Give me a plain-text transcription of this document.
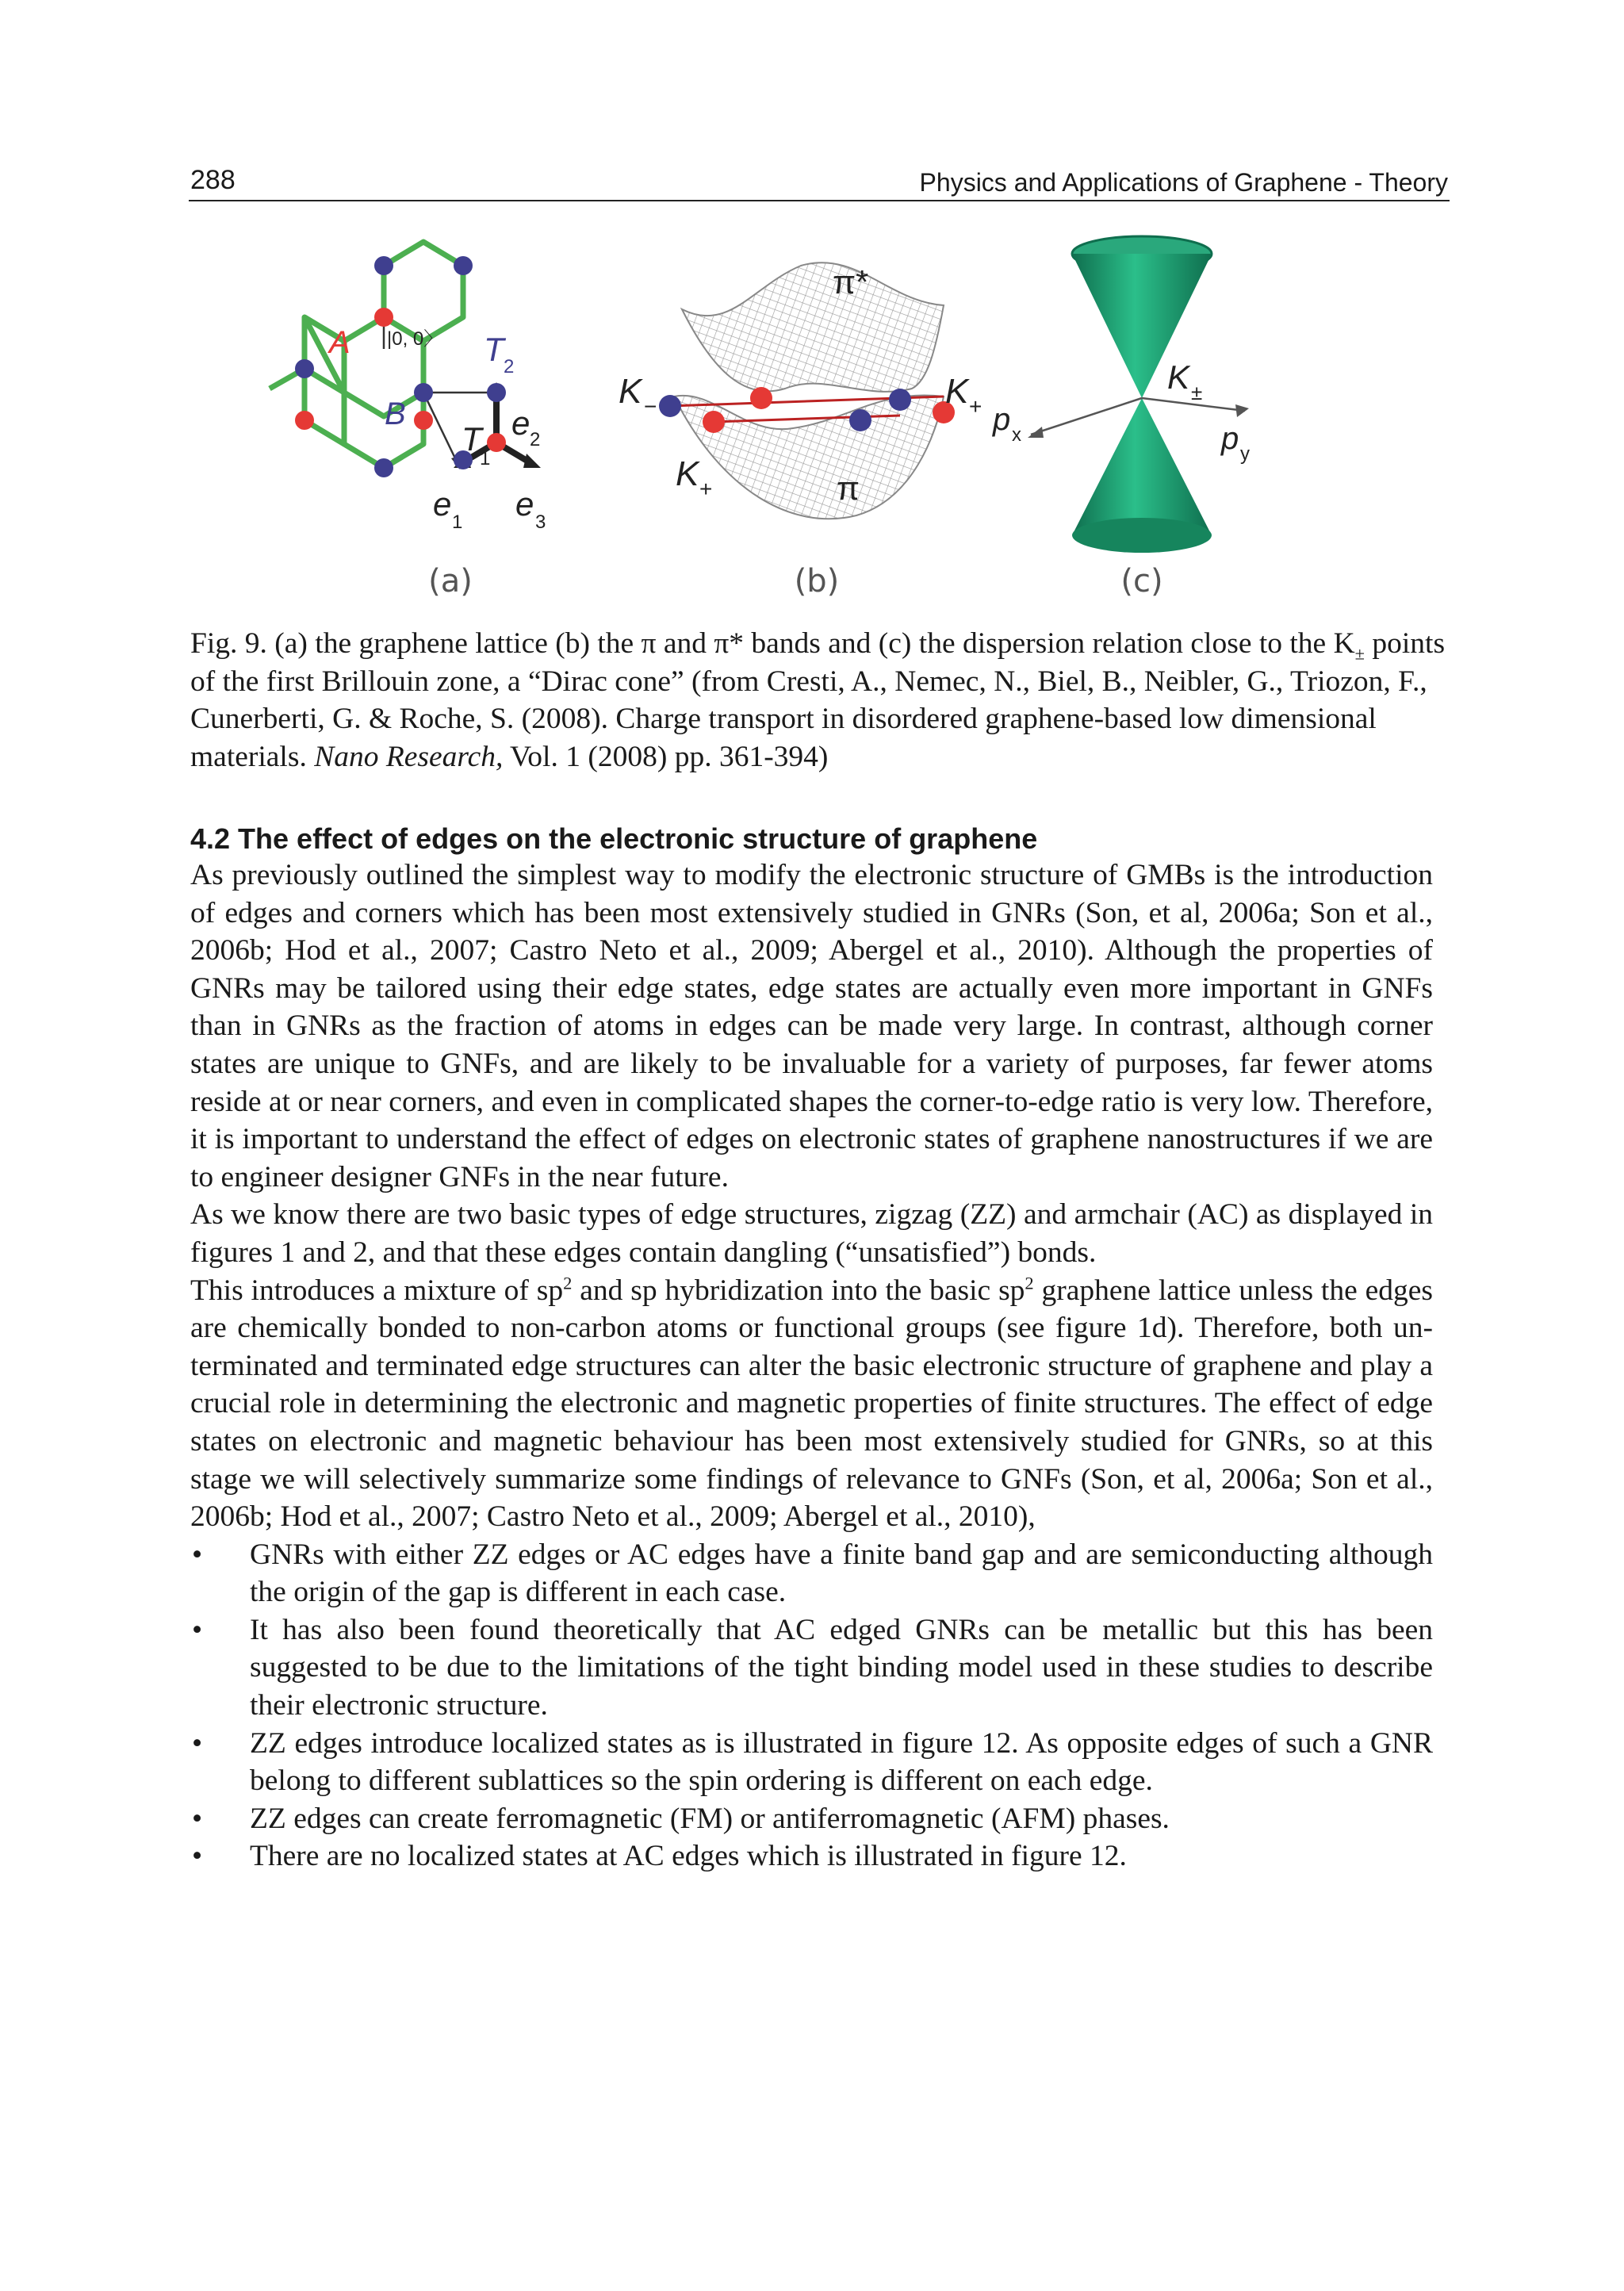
288	Physics and Applications of Graphene - Theory
A |0, 0〉
B
T 2
T
1
e 2
e 1 e 3
(a)
π*
π
K −	K +
K +
(b)
p x	p y
K ±
(c)
Fig. 9. (a) the graphene lattice (b) the π and π* bands and (c) the dispersion relation close to the $K_\pm$ points of the first Brillouin zone, a “Dirac cone” (from Cresti, A., Nemec, N., Biel, B., Neibler, G., Triozon, F., Cunerberti, G. & Roche, S. (2008). Charge transport in disordered graphene-based low dimensional materials. Nano Research, Vol. 1 (2008) pp. 361-394)
4.2 The effect of edges on the electronic structure of graphene

As previously outlined the simplest way to modify the electronic structure of GMBs is the introduction of edges and corners which has been most extensively studied in GNRs (Son, et al, 2006a; Son et al., 2006b; Hod et al., 2007; Castro Neto et al., 2009; Abergel et al., 2010). Although the properties of GNRs may be tailored using their edge states, edge states are actually even more important in GNFs than in GNRs as the fraction of atoms in edges can be made very large. In contrast, although corner states are unique to GNFs, and are likely to be invaluable for a variety of purposes, far fewer atoms reside at or near corners, and even in complicated shapes the corner-to-edge ratio is very low. Therefore, it is important to understand the effect of edges on electronic states of graphene nanostructures if we are to engineer designer GNFs in the near future.

As we know there are two basic types of edge structures, zigzag (ZZ) and armchair (AC) as displayed in figures 1 and 2, and that these edges contain dangling (“unsatisfied”) bonds.

This introduces a mixture of $sp^2$ and sp hybridization into the basic $sp^2$ graphene lattice unless the edges are chemically bonded to non-carbon atoms or functional groups (see figure 1d). Therefore, both un-terminated and terminated edge structures can alter the basic electronic structure of graphene and play a crucial role in determining the electronic and magnetic properties of finite structures. The effect of edge states on electronic and magnetic behaviour has been most extensively studied for GNRs, so at this stage we will selectively summarize some findings of relevance to GNFs (Son, et al, 2006a; Son et al., 2006b; Hod et al., 2007; Castro Neto et al., 2009; Abergel et al., 2010),

• GNRs with either ZZ edges or AC edges have a finite band gap and are semiconducting although the origin of the gap is different in each case.
• It has also been found theoretically that AC edged GNRs can be metallic but this has been suggested to be due to the limitations of the tight binding model used in these studies to describe their electronic structure.
• ZZ edges introduce localized states as is illustrated in figure 12. As opposite edges of such a GNR belong to different sublattices so the spin ordering is different on each edge.
• ZZ edges can create ferromagnetic (FM) or antiferromagnetic (AFM) phases.
• There are no localized states at AC edges which is illustrated in figure 12.
